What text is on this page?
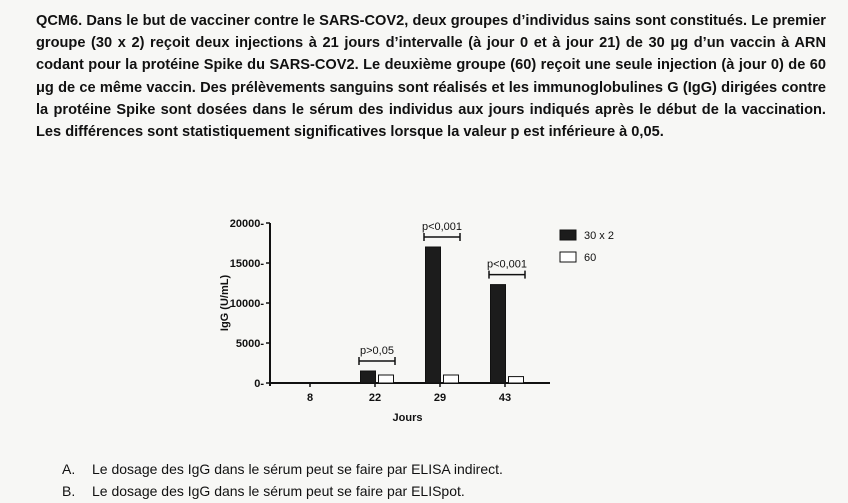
QCM6. Dans le but de vacciner contre le SARS-COV2, deux groupes d’individus sains sont constitués. Le premier groupe (30 x 2) reçoit deux injections à 21 jours d’intervalle (à jour 0 et à jour 21) de 30 μg d’un vaccin à ARN codant pour la protéine Spike du SARS-COV2. Le deuxième groupe (60) reçoit une seule injection (à jour 0) de 60 μg de ce même vaccin. Des prélèvements sanguins sont réalisés et les immunoglobulines G (IgG) dirigées contre la protéine Spike sont dosées dans le sérum des individus aux jours indiqués après le début de la vaccination. Les différences sont statistiquement significatives lorsque la valeur p est inférieure à 0,05.
0-
5000-
10000-
15000-
20000-
IgG (U/mL)
8	22	29	43
Jours
p>0,05
p<0,001
p<0,001
30 x 2
60
A. Le dosage des IgG dans le sérum peut se faire par ELISA indirect.
B. Le dosage des IgG dans le sérum peut se faire par ELISpot.
